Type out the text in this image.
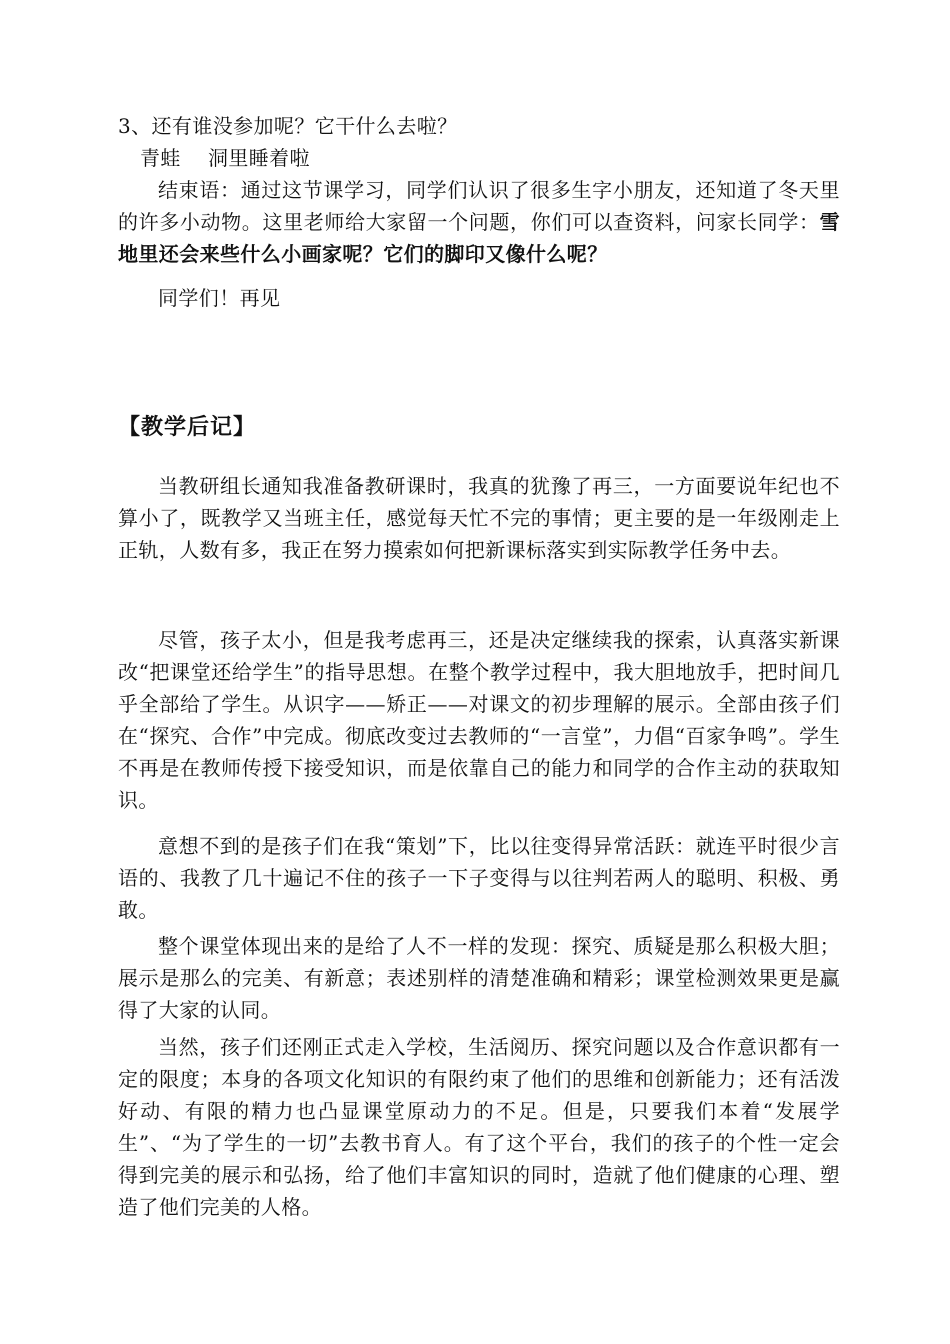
3、还有谁没参加呢？它干什么去啦？

青蛙　 洞里睡着啦

结束语：通过这节课学习，同学们认识了很多生字小朋友，还知道了冬天里的许多小动物。这里老师给大家留一个问题，你们可以查资料，问家长同学：雪地里还会来些什么小画家呢？它们的脚印又像什么呢？

同学们！再见

【教学后记】

当教研组长通知我准备教研课时，我真的犹豫了再三，一方面要说年纪也不算小了，既教学又当班主任，感觉每天忙不完的事情；更主要的是一年级刚走上正轨，人数有多，我正在努力摸索如何把新课标落实到实际教学任务中去。

尽管，孩子太小，但是我考虑再三，还是决定继续我的探索，认真落实新课改“把课堂还给学生”的指导思想。在整个教学过程中，我大胆地放手，把时间几乎全部给了学生。从识字——矫正——对课文的初步理解的展示。全部由孩子们在“探究、合作”中完成。彻底改变过去教师的“一言堂”，力倡“百家争鸣”。学生不再是在教师传授下接受知识，而是依靠自己的能力和同学的合作主动的获取知识。

意想不到的是孩子们在我“策划”下，比以往变得异常活跃：就连平时很少言语的、我教了几十遍记不住的孩子一下子变得与以往判若两人的聪明、积极、勇敢。

整个课堂体现出来的是给了人不一样的发现：探究、质疑是那么积极大胆；展示是那么的完美、有新意；表述别样的清楚准确和精彩；课堂检测效果更是赢得了大家的认同。

当然，孩子们还刚正式走入学校，生活阅历、探究问题以及合作意识都有一定的限度；本身的各项文化知识的有限约束了他们的思维和创新能力；还有活泼好动、有限的精力也凸显课堂原动力的不足。但是，只要我们本着“发展学生”、“为了学生的一切”去教书育人。有了这个平台，我们的孩子的个性一定会得到完美的展示和弘扬，给了他们丰富知识的同时，造就了他们健康的心理、塑造了他们完美的人格。
